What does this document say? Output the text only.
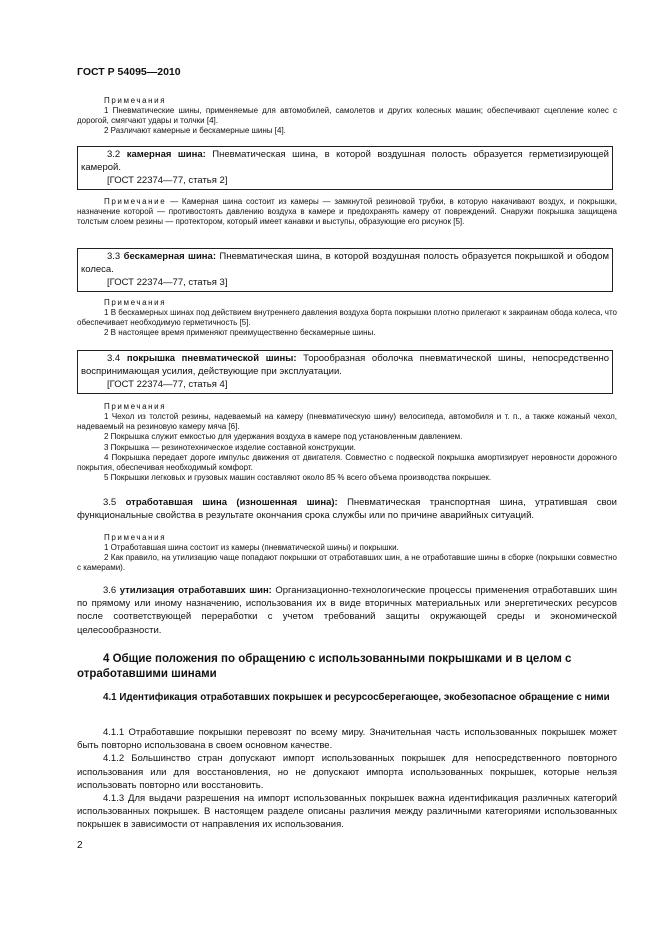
ГОСТ Р 54095—2010
Примечания

1 Пневматические шины, применяемые для автомобилей, самолетов и других колесных машин; обеспечивают сцепление колес с дорогой, смягчают удары и толчки [4].

2 Различают камерные и бескамерные шины [4].

3.2 камерная шина: Пневматическая шина, в которой воздушная полость образуется герметизирующей камерой.

[ГОСТ 22374—77, статья 2]

Примечание — Камерная шина состоит из камеры — замкнутой резиновой трубки, в которую накачивают воздух, и покрышки, назначение которой — противостоять давлению воздуха в камере и предохранять камеру от повреждений. Снаружи покрышка защищена толстым слоем резины — протектором, который имеет канавки и выступы, образующие его рисунок [5].

3.3 бескамерная шина: Пневматическая шина, в которой воздушная полость образуется покрышкой и ободом колеса.

[ГОСТ 22374—77, статья 3]

Примечания

1 В бескамерных шинах под действием внутреннего давления воздуха борта покрышки плотно прилегают к закраинам обода колеса, что обеспечивает необходимую герметичность [5].

2 В настоящее время применяют преимущественно бескамерные шины.

3.4 покрышка пневматической шины: Торообразная оболочка пневматической шины, непосредственно воспринимающая усилия, действующие при эксплуатации.

[ГОСТ 22374—77, статья 4]

Примечания

1 Чехол из толстой резины, надеваемый на камеру (пневматическую шину) велосипеда, автомобиля и т. п., а также кожаный чехол, надеваемый на резиновую камеру мяча [6].

2 Покрышка служит емкостью для удержания воздуха в камере под установленным давлением.

3 Покрышка — резинотехническое изделие составной конструкции.

4 Покрышка передает дороге импульс движения от двигателя. Совместно с подвеской покрышка амортизирует неровности дорожного покрытия, обеспечивая необходимый комфорт.

5 Покрышки легковых и грузовых машин составляют около 85 % всего объема производства покрышек.

3.5 отработавшая шина (изношенная шина): Пневматическая транспортная шина, утратившая свои функциональные свойства в результате окончания срока службы или по причине аварийных ситуаций.

Примечания

1 Отработавшая шина состоит из камеры (пневматической шины) и покрышки.

2 Как правило, на утилизацию чаще попадают покрышки от отработавших шин, а не отработавшие шины в сборке (покрышки совместно с камерами).

3.6 утилизация отработавших шин: Организационно-технологические процессы применения отработавших шин по прямому или иному назначению, использования их в виде вторичных материальных или энергетических ресурсов после соответствующей переработки с учетом требований защиты окружающей среды и экономической целесообразности.

4 Общие положения по обращению с использованными покрышками и в целом с отработавшими шинами

4.1 Идентификация отработавших покрышек и ресурсосберегающее, экобезопасное обращение с ними

4.1.1 Отработавшие покрышки перевозят по всему миру. Значительная часть использованных покрышек может быть повторно использована в своем основном качестве.

4.1.2 Большинство стран допускают импорт использованных покрышек для непосредственного повторного использования или для восстановления, но не допускают импорта использованных покрышек, которые нельзя использовать повторно или восстановить.

4.1.3 Для выдачи разрешения на импорт использованных покрышек важна идентификация различных категорий использованных покрышек. В настоящем разделе описаны различия между различными категориями использованных покрышек в зависимости от направления их использования.

2
